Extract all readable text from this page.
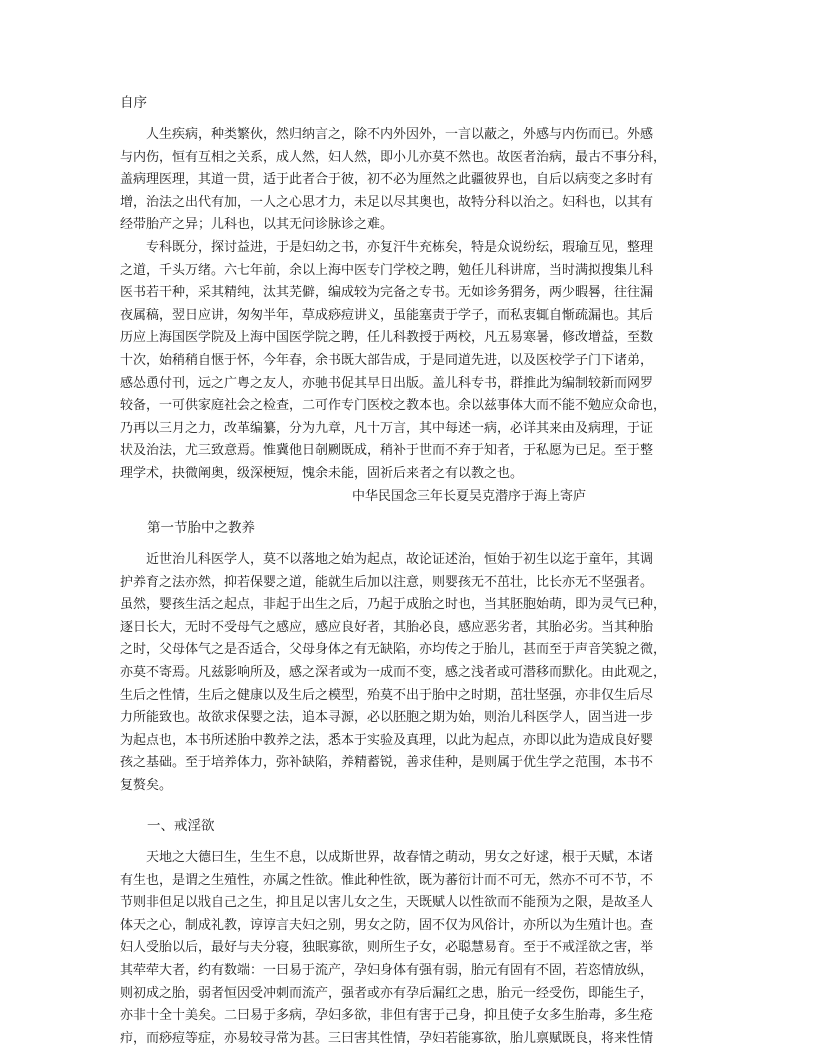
自序

　　人生疾病，种类繁伙，然归纳言之，除不内外因外，一言以蔽之，外感与内伤而已。外感
与内伤，恒有互相之关系，成人然，妇人然，即小儿亦莫不然也。故医者治病，最古不事分科，
盖病理医理，其道一贯，适于此者合于彼，初不必为厘然之此疆彼界也，自后以病变之多时有
增，治法之出代有加，一人之心思才力，未足以尽其奥也，故特分科以治之。妇科也，以其有
经带胎产之异；儿科也，以其无问诊脉诊之难。

　　专科既分，探讨益进，于是妇幼之书，亦复汗牛充栋矣，特是众说纷纭，瑕瑜互见，整理
之道，千头万绪。六七年前，余以上海中医专门学校之聘，勉任儿科讲席，当时满拟搜集儿科
医书若干种，采其精纯，汰其芜僻，编成较为完备之专书。无如诊务猬务，两少暇晷，往往漏
夜属稿，翌日应讲，匆匆半年，草成痧痘讲义，虽能塞责于学子，而私衷辄自惭疏漏也。其后
历应上海国医学院及上海中国医学院之聘，任儿科教授于两校，凡五易寒暑，修改增益，至数
十次，始稍稍自惬于怀，今年春，余书既大部告成，于是同道先进，以及医校学子门下诸弟，
感怂恿付刊，远之广粤之友人，亦驰书促其早日出版。盖儿科专书，群推此为编制较新而网罗
较备，一可供家庭社会之检查，二可作专门医校之教本也。余以兹事体大而不能不勉应众命也，
乃再以三月之力，改革编纂，分为九章，凡十万言，其中每述一病，必详其来由及病理，于证
状及治法，尤三致意焉。惟冀他日剞劂既成，稍补于世而不弃于知者，于私愿为已足。至于整
理学术，抉微阐奥，级深梗短，愧余未能，固祈后来者之有以教之也。

中华民国念三年长夏吴克潜序于海上寄庐

　　第一节胎中之教养

　　近世治儿科医学人，莫不以落地之始为起点，故论证述治，恒始于初生以迄于童年，其调
护养育之法亦然，抑若保婴之道，能就生后加以注意，则婴孩无不茁壮，比长亦无不坚强者。
虽然，婴孩生活之起点，非起于出生之后，乃起于成胎之时也，当其胚胞始萌，即为灵气已种，
逐日长大，无时不受母气之感应，感应良好者，其胎必良，感应恶劣者，其胎必劣。当其种胎
之时，父母体气之是否适合，父母身体之有无缺陷，亦均传之于胎儿，甚而至于声音笑貌之微，
亦莫不寄焉。凡兹影响所及，感之深者或为一成而不变，感之浅者或可潜移而默化。由此观之，
生后之性情，生后之健康以及生后之模型，殆莫不出于胎中之时期，茁壮坚强，亦非仅生后尽
力所能致也。故欲求保婴之法，追本寻源，必以胚胞之期为始，则治儿科医学人，固当进一步
为起点也，本书所述胎中教养之法，悉本于实验及真理，以此为起点，亦即以此为造成良好婴
孩之基础。至于培养体力，弥补缺陷，养精蓄锐，善求佳种，是则属于优生学之范围，本书不
复赘矣。

　　一、戒淫欲

　　天地之大德曰生，生生不息，以成斯世界，故春情之萌动，男女之好逑，根于天赋，本诸
有生也，是谓之生殖性，亦属之性欲。惟此种性欲，既为蕃衍计而不可无，然亦不可不节，不
节则非但足以戕自己之生，抑且足以害儿女之生，天既赋人以性欲而不能预为之限，是故圣人
体天之心，制成礼教，谆谆言夫妇之别，男女之防，固不仅为风俗计，亦所以为生殖计也。查
妇人受胎以后，最好与夫分寝，独眠寡欲，则所生子女，必聪慧易育。至于不戒淫欲之害，举
其荦荦大者，约有数端：一曰易于流产，孕妇身体有强有弱，胎元有固有不固，若恣情放纵，
则初成之胎，弱者恒因受冲刺而流产，强者或亦有孕后漏红之患，胎元一经受伤，即能生子，
亦非十全十美矣。二曰易于多病，孕妇多欲，非但有害于己身，抑且使子女多生胎毒，多生疮
疖，而痧痘等症，亦易较寻常为甚。三曰害其性情，孕妇若能寡欲，胎儿禀赋既良，将来性情
